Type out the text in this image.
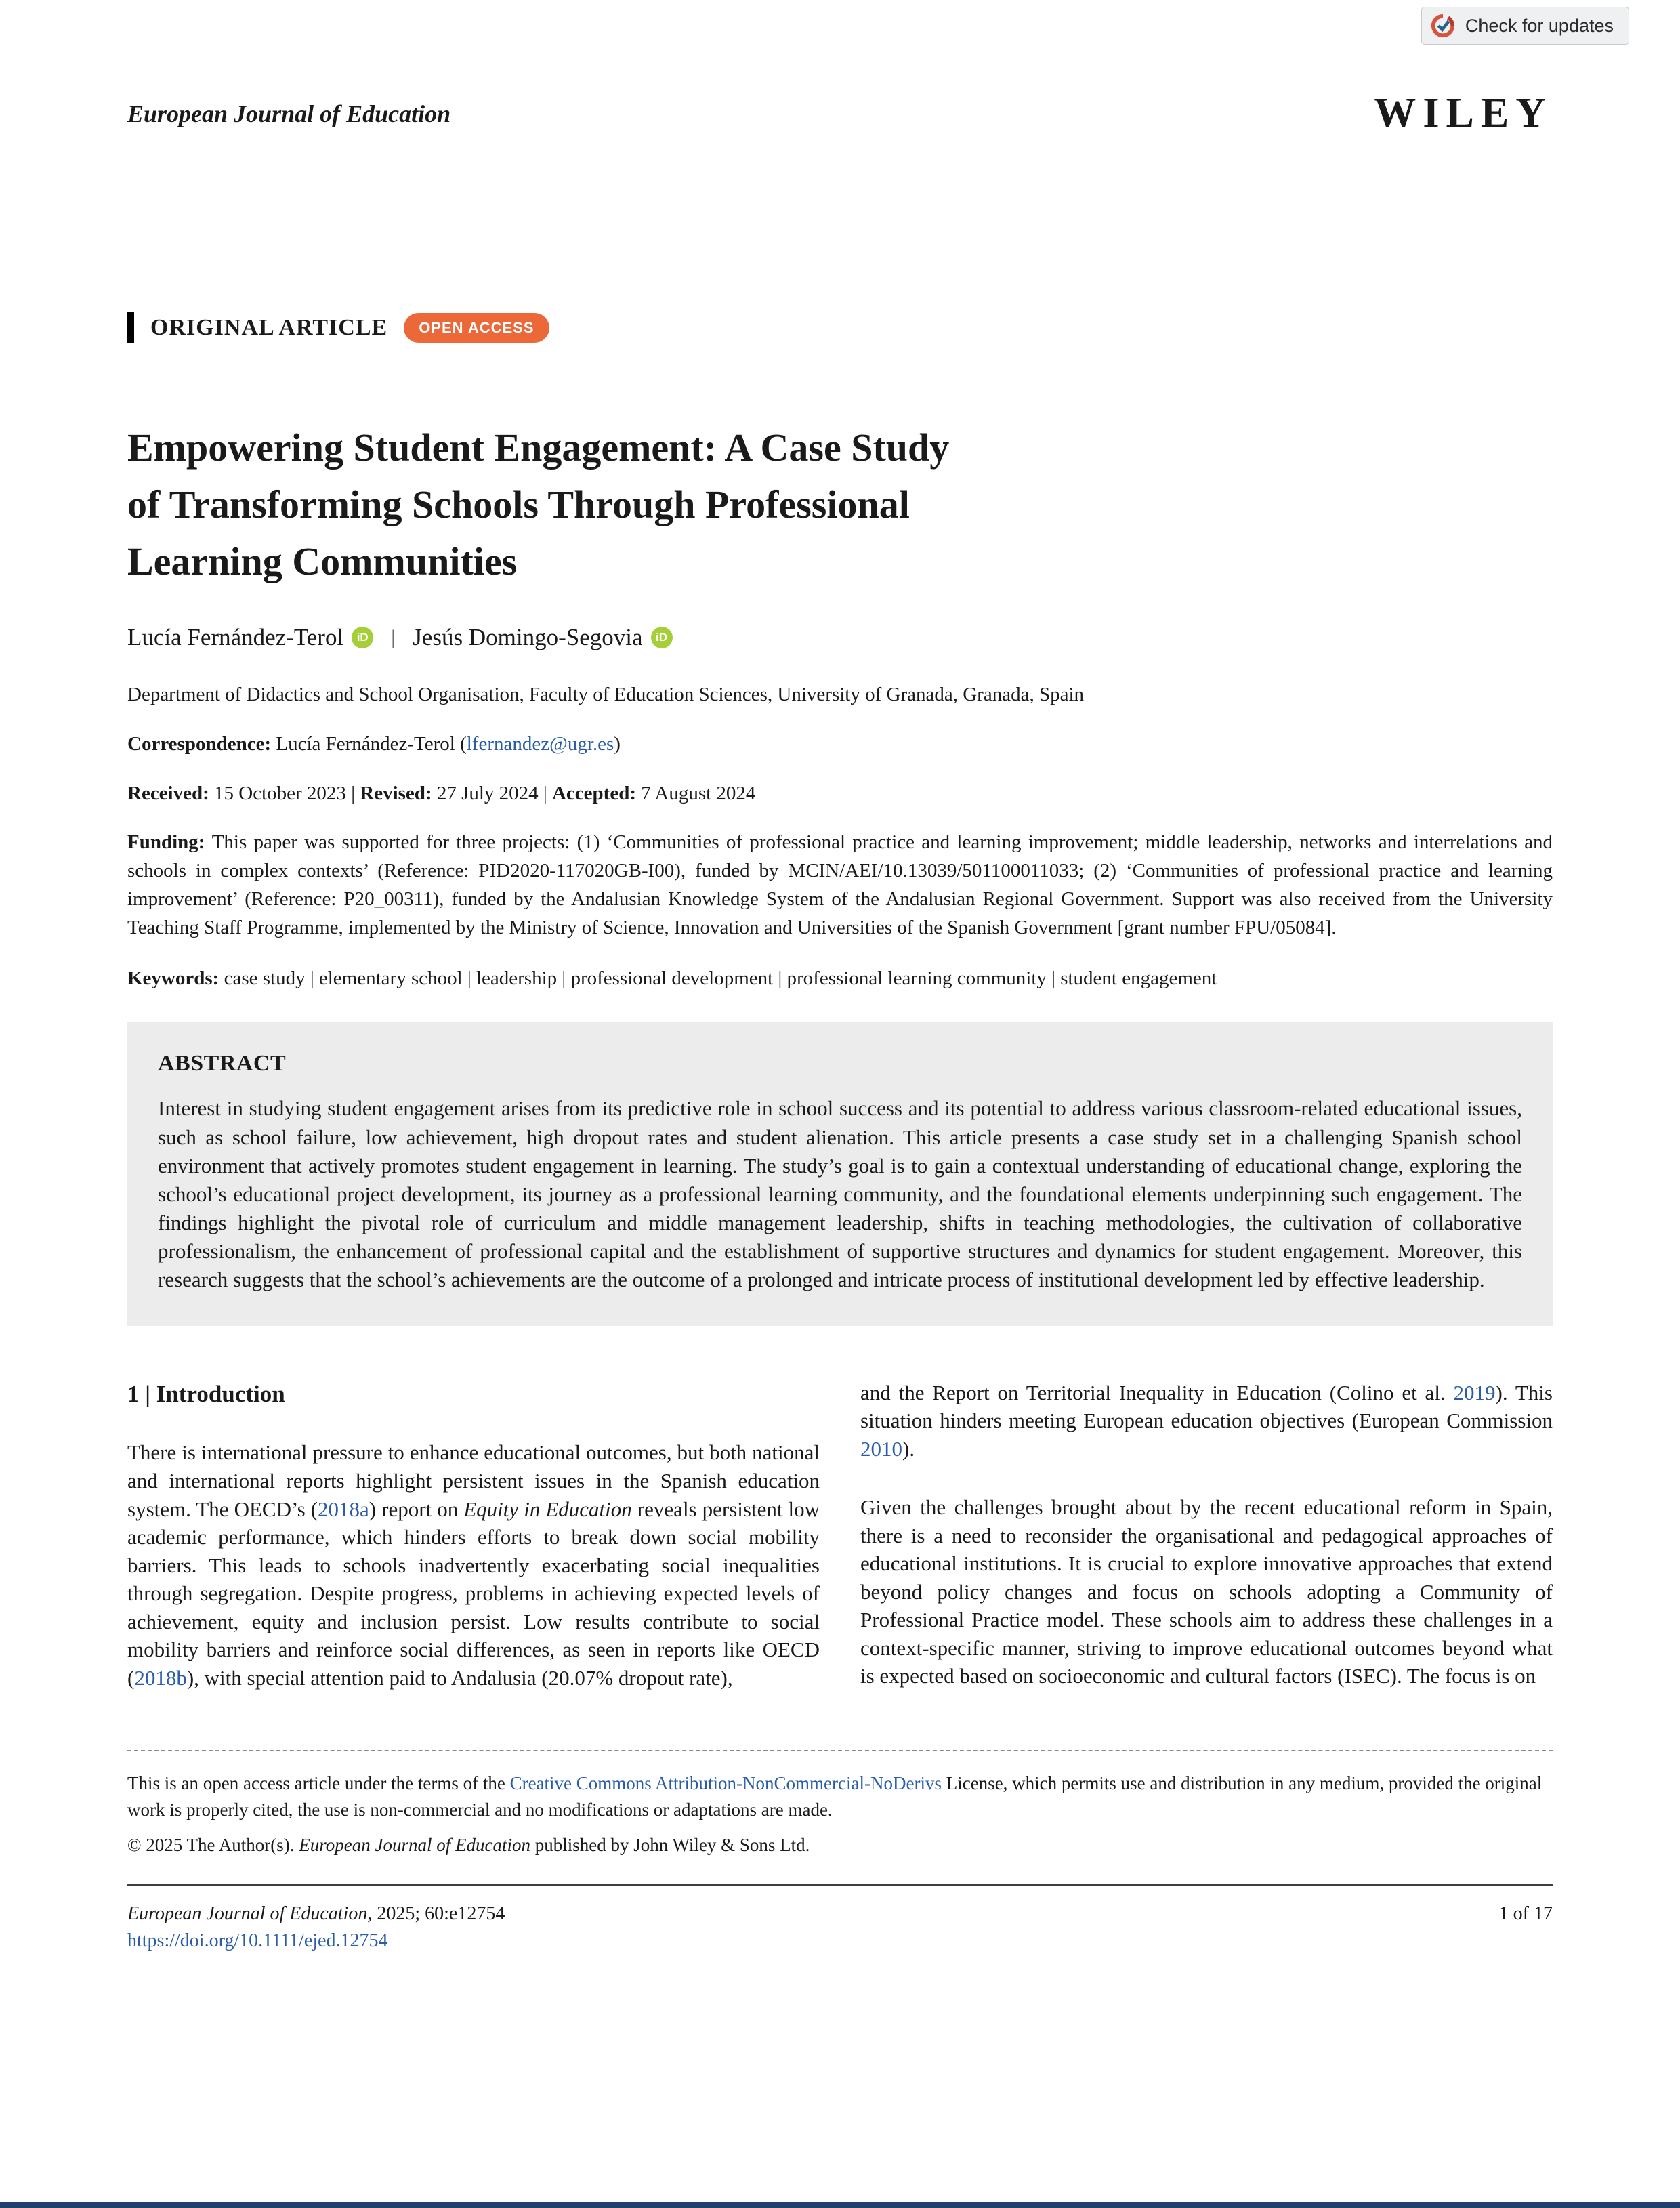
Check for updates
European Journal of Education	WILEY
ORIGINAL ARTICLE	OPEN ACCESS
Empowering Student Engagement: A Case Study
of Transforming Schools Through Professional
Learning Communities
Lucía Fernández-Terol	iD | Jesús Domingo-Segovia	iD
Department of Didactics and School Organisation, Faculty of Education Sciences, University of Granada, Granada, Spain
Correspondence: Lucía Fernández-Terol (lfernandez@ugr.es)
Received: 15 October 2023 | Revised: 27 July 2024 | Accepted: 7 August 2024
Funding: This paper was supported for three projects: (1) ‘Communities of professional practice and learning improvement; middle leadership, networks and interrelations and schools in complex contexts’ (Reference: PID2020-117020GB-I00), funded by MCIN/AEI/10.13039/501100011033; (2) ‘Communities of professional practice and learning improvement’ (Reference: P20_00311), funded by the Andalusian Knowledge System of the Andalusian Regional Government. Support was also received from the University Teaching Staff Programme, implemented by the Ministry of Science, Innovation and Universities of the Spanish Government [grant number FPU/05084].
Keywords: case study | elementary school | leadership | professional development | professional learning community | student engagement
ABSTRACT
Interest in studying student engagement arises from its predictive role in school success and its potential to address various classroom-related educational issues, such as school failure, low achievement, high dropout rates and student alienation. This article presents a case study set in a challenging Spanish school environment that actively promotes student engagement in learning. The study’s goal is to gain a contextual understanding of educational change, exploring the school’s educational project development, its journey as a professional learning community, and the foundational elements underpinning such engagement. The findings highlight the pivotal role of curriculum and middle management leadership, shifts in teaching methodologies, the cultivation of collaborative professionalism, the enhancement of professional capital and the establishment of supportive structures and dynamics for student engagement. Moreover, this research suggests that the school’s achievements are the outcome of a prolonged and intricate process of institutional development led by effective leadership.
1 | Introduction

There is international pressure to enhance educational outcomes, but both national and international reports highlight persistent issues in the Spanish education system. The OECD’s (2018a) report on Equity in Education reveals persistent low academic performance, which hinders efforts to break down social mobility barriers. This leads to schools inadvertently exacerbating social inequalities through segregation. Despite progress, problems in achieving expected levels of achievement, equity and inclusion persist. Low results contribute to social mobility barriers and reinforce social differences, as seen in reports like OECD (2018b), with special attention paid to Andalusia (20.07% dropout rate),

and the Report on Territorial Inequality in Education (Colino et al. 2019). This situation hinders meeting European education objectives (European Commission 2010).

Given the challenges brought about by the recent educational reform in Spain, there is a need to reconsider the organisational and pedagogical approaches of educational institutions. It is crucial to explore innovative approaches that extend beyond policy changes and focus on schools adopting a Community of Professional Practice model. These schools aim to address these challenges in a context-specific manner, striving to improve educational outcomes beyond what is expected based on socioeconomic and cultural factors (ISEC). The focus is on

This is an open access article under the terms of the Creative Commons Attribution-NonCommercial-NoDerivs License, which permits use and distribution in any medium, provided the original work is properly cited, the use is non-commercial and no modifications or adaptations are made.
© 2025 The Author(s). European Journal of Education published by John Wiley & Sons Ltd.
European Journal of Education, 2025; 60:e12754
https://doi.org/10.1111/ejed.12754
1 of 17
